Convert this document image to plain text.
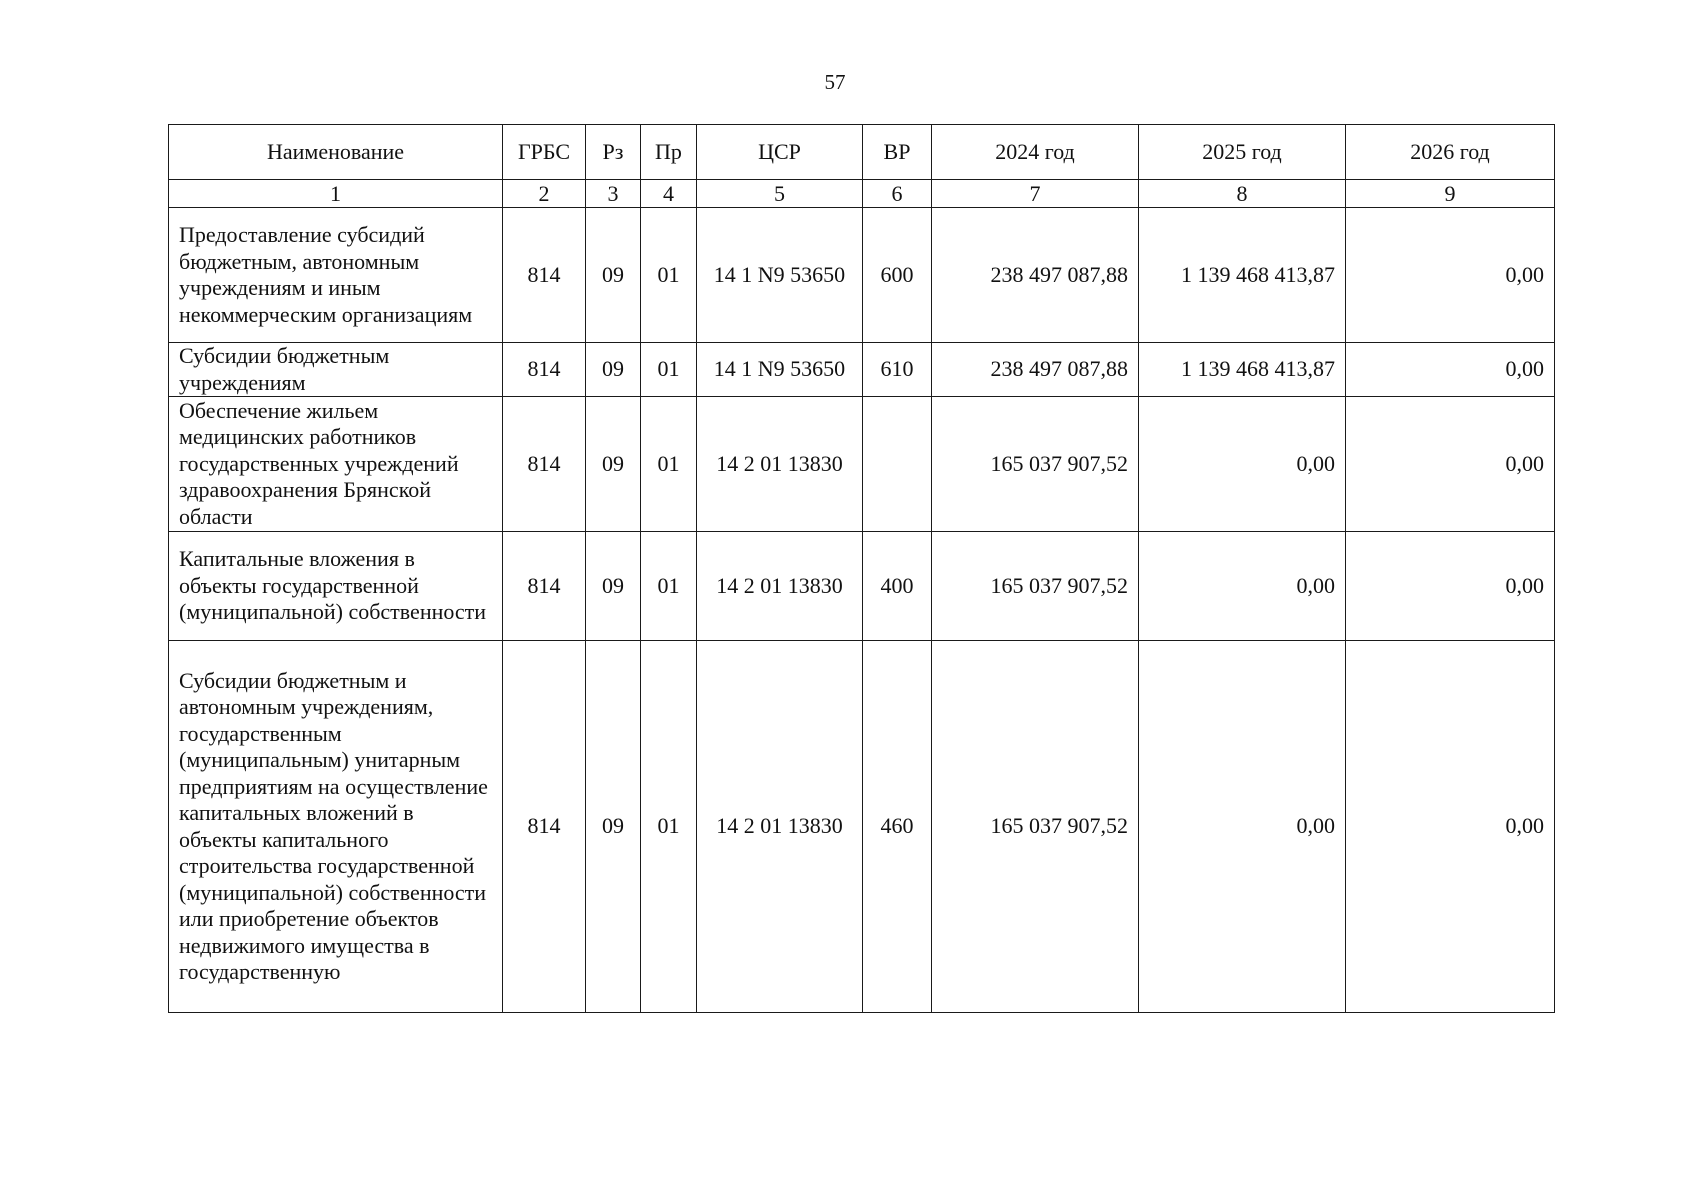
57
Наименование	ГРБС	Рз	Пр	ЦСР	ВР	2024 год	2025 год	2026 год
1	2	3	4	5	6	7	8	9
Предоставление субсидий бюджетным, автономным учреждениям и иным некоммерческим организациям	814	09	01	14 1 N9 53650	600	238 497 087,88	1 139 468 413,87	0,00
Субсидии бюджетным учреждениям	814	09	01	14 1 N9 53650	610	238 497 087,88	1 139 468 413,87	0,00
Обеспечение жильем медицинских работников государственных учреждений здравоохранения Брянской области	814	09	01	14 2 01 13830		165 037 907,52	0,00	0,00
Капитальные вложения в объекты государственной (муниципальной) собственности	814	09	01	14 2 01 13830	400	165 037 907,52	0,00	0,00
Субсидии бюджетным и автономным учреждениям, государственным (муниципальным) унитарным предприятиям на осуществление капитальных вложений в объекты капитального строительства государственной (муниципальной) собственности или приобретение объектов недвижимого имущества в государственную	814	09	01	14 2 01 13830	460	165 037 907,52	0,00	0,00
